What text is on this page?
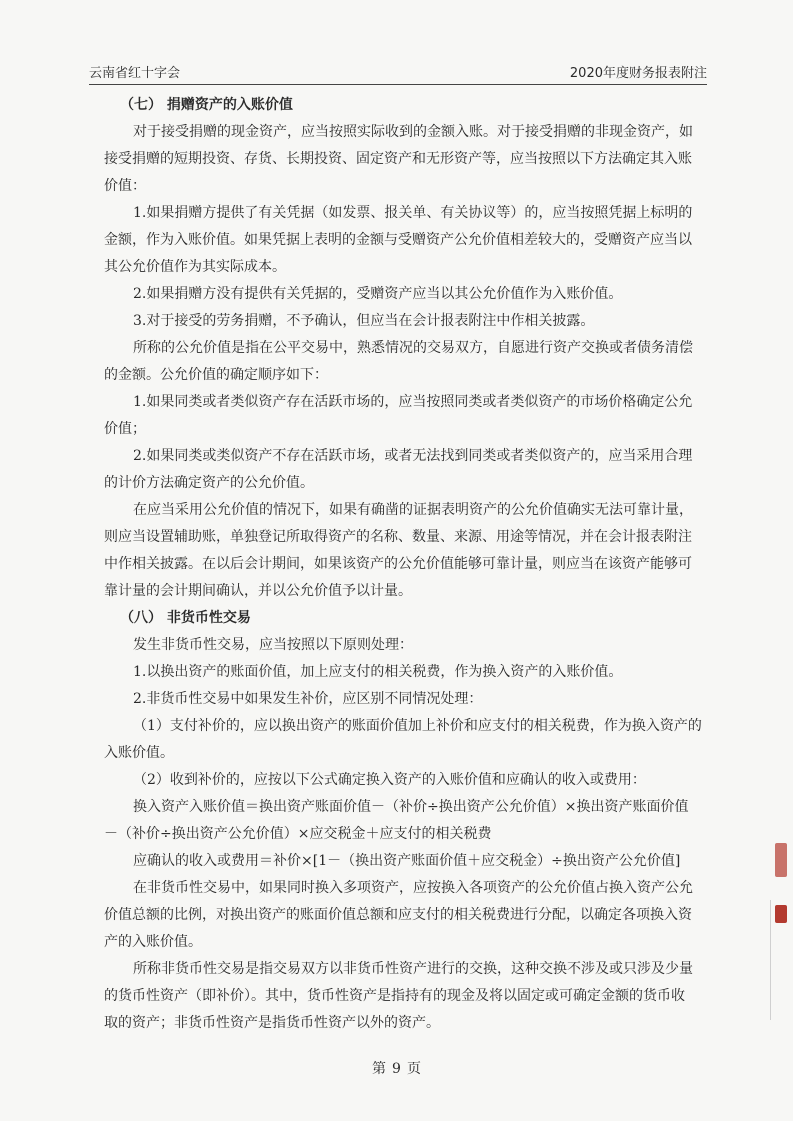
云南省红十字会	2020年度财务报表附注

（七） 捐赠资产的入账价值

对于接受捐赠的现金资产，应当按照实际收到的金额入账。对于接受捐赠的非现金资产，如

接受捐赠的短期投资、存货、长期投资、固定资产和无形资产等，应当按照以下方法确定其入账

价值：

1.如果捐赠方提供了有关凭据（如发票、报关单、有关协议等）的，应当按照凭据上标明的

金额，作为入账价值。如果凭据上表明的金额与受赠资产公允价值相差较大的，受赠资产应当以

其公允价值作为其实际成本。

2.如果捐赠方没有提供有关凭据的，受赠资产应当以其公允价值作为入账价值。

3.对于接受的劳务捐赠，不予确认，但应当在会计报表附注中作相关披露。

所称的公允价值是指在公平交易中，熟悉情况的交易双方，自愿进行资产交换或者债务清偿

的金额。公允价值的确定顺序如下：

1.如果同类或者类似资产存在活跃市场的，应当按照同类或者类似资产的市场价格确定公允

价值；

2.如果同类或类似资产不存在活跃市场，或者无法找到同类或者类似资产的，应当采用合理

的计价方法确定资产的公允价值。

在应当采用公允价值的情况下，如果有确凿的证据表明资产的公允价值确实无法可靠计量，

则应当设置辅助账，单独登记所取得资产的名称、数量、来源、用途等情况，并在会计报表附注

中作相关披露。在以后会计期间，如果该资产的公允价值能够可靠计量，则应当在该资产能够可

靠计量的会计期间确认，并以公允价值予以计量。

（八） 非货币性交易

发生非货币性交易，应当按照以下原则处理：

1.以换出资产的账面价值，加上应支付的相关税费，作为换入资产的入账价值。

2.非货币性交易中如果发生补价，应区别不同情况处理：

（1）支付补价的，应以换出资产的账面价值加上补价和应支付的相关税费，作为换入资产的

入账价值。

（2）收到补价的，应按以下公式确定换入资产的入账价值和应确认的收入或费用：

换入资产入账价值＝换出资产账面价值－（补价÷换出资产公允价值）×换出资产账面价值

－（补价÷换出资产公允价值）×应交税金＋应支付的相关税费

应确认的收入或费用＝补价×[1－（换出资产账面价值＋应交税金）÷换出资产公允价值]

在非货币性交易中，如果同时换入多项资产，应按换入各项资产的公允价值占换入资产公允

价值总额的比例，对换出资产的账面价值总额和应支付的相关税费进行分配，以确定各项换入资

产的入账价值。

所称非货币性交易是指交易双方以非货币性资产进行的交换，这种交换不涉及或只涉及少量

的货币性资产（即补价）。其中，货币性资产是指持有的现金及将以固定或可确定金额的货币收

取的资产；非货币性资产是指货币性资产以外的资产。

第 9 页
